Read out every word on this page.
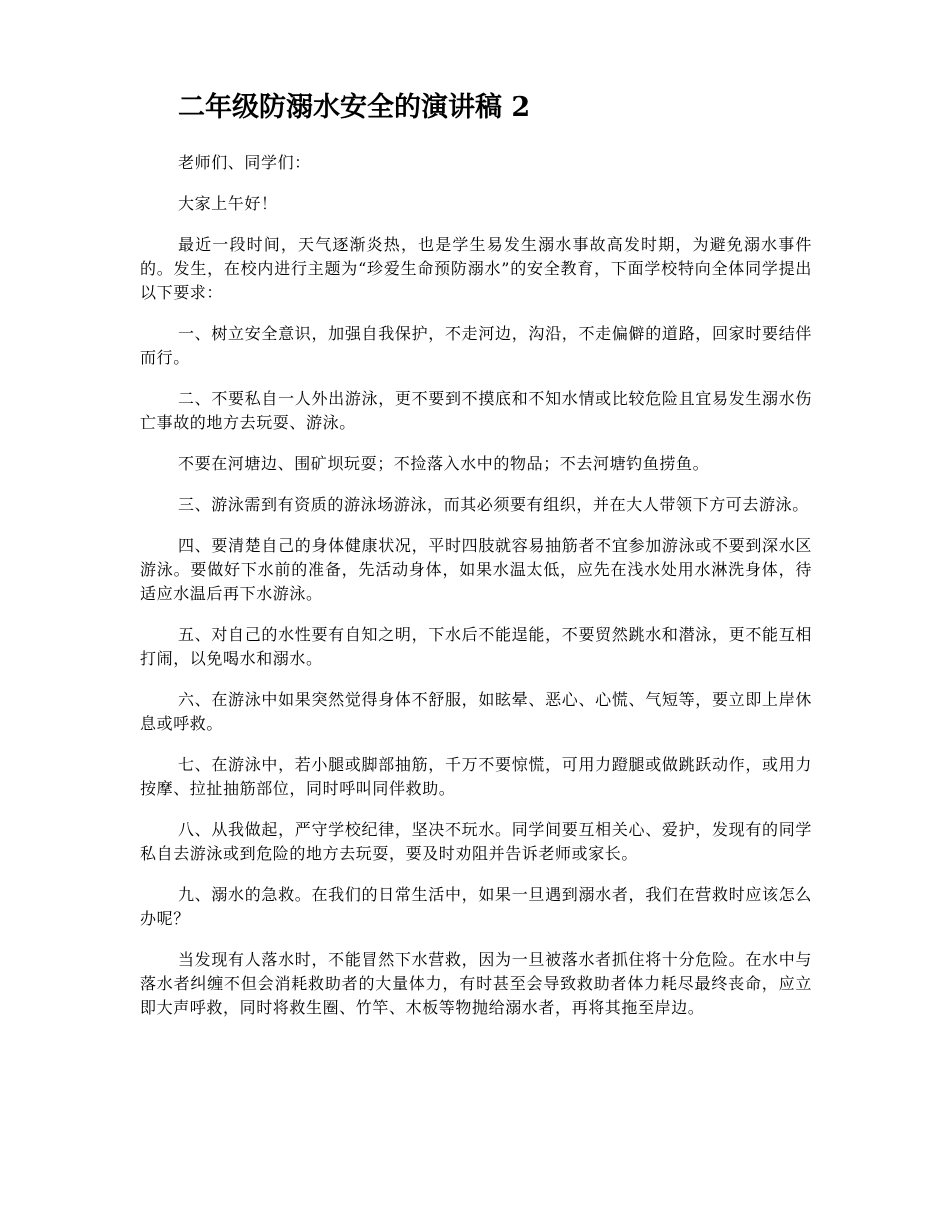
二年级防溺水安全的演讲稿 2

老师们、同学们：

大家上午好！

最近一段时间，天气逐渐炎热，也是学生易发生溺水事故高发时期，为避免溺水事件的。发生，在校内进行主题为“珍爱生命预防溺水”的安全教育，下面学校特向全体同学提出以下要求：

一、树立安全意识，加强自我保护，不走河边，沟沿，不走偏僻的道路，回家时要结伴而行。

二、不要私自一人外出游泳，更不要到不摸底和不知水情或比较危险且宜易发生溺水伤亡事故的地方去玩耍、游泳。

不要在河塘边、围矿坝玩耍；不捡落入水中的物品；不去河塘钓鱼捞鱼。

三、游泳需到有资质的游泳场游泳，而其必须要有组织，并在大人带领下方可去游泳。

四、要清楚自己的身体健康状况，平时四肢就容易抽筋者不宜参加游泳或不要到深水区游泳。要做好下水前的准备，先活动身体，如果水温太低，应先在浅水处用水淋洗身体，待适应水温后再下水游泳。

五、对自己的水性要有自知之明，下水后不能逞能，不要贸然跳水和潜泳，更不能互相打闹，以免喝水和溺水。

六、在游泳中如果突然觉得身体不舒服，如眩晕、恶心、心慌、气短等，要立即上岸休息或呼救。

七、在游泳中，若小腿或脚部抽筋，千万不要惊慌，可用力蹬腿或做跳跃动作，或用力按摩、拉扯抽筋部位，同时呼叫同伴救助。

八、从我做起，严守学校纪律，坚决不玩水。同学间要互相关心、爱护，发现有的同学私自去游泳或到危险的地方去玩耍，要及时劝阻并告诉老师或家长。

九、溺水的急救。在我们的日常生活中，如果一旦遇到溺水者，我们在营救时应该怎么办呢？

当发现有人落水时，不能冒然下水营救，因为一旦被落水者抓住将十分危险。在水中与落水者纠缠不但会消耗救助者的大量体力，有时甚至会导致救助者体力耗尽最终丧命，应立即大声呼救，同时将救生圈、竹竿、木板等物抛给溺水者，再将其拖至岸边。
